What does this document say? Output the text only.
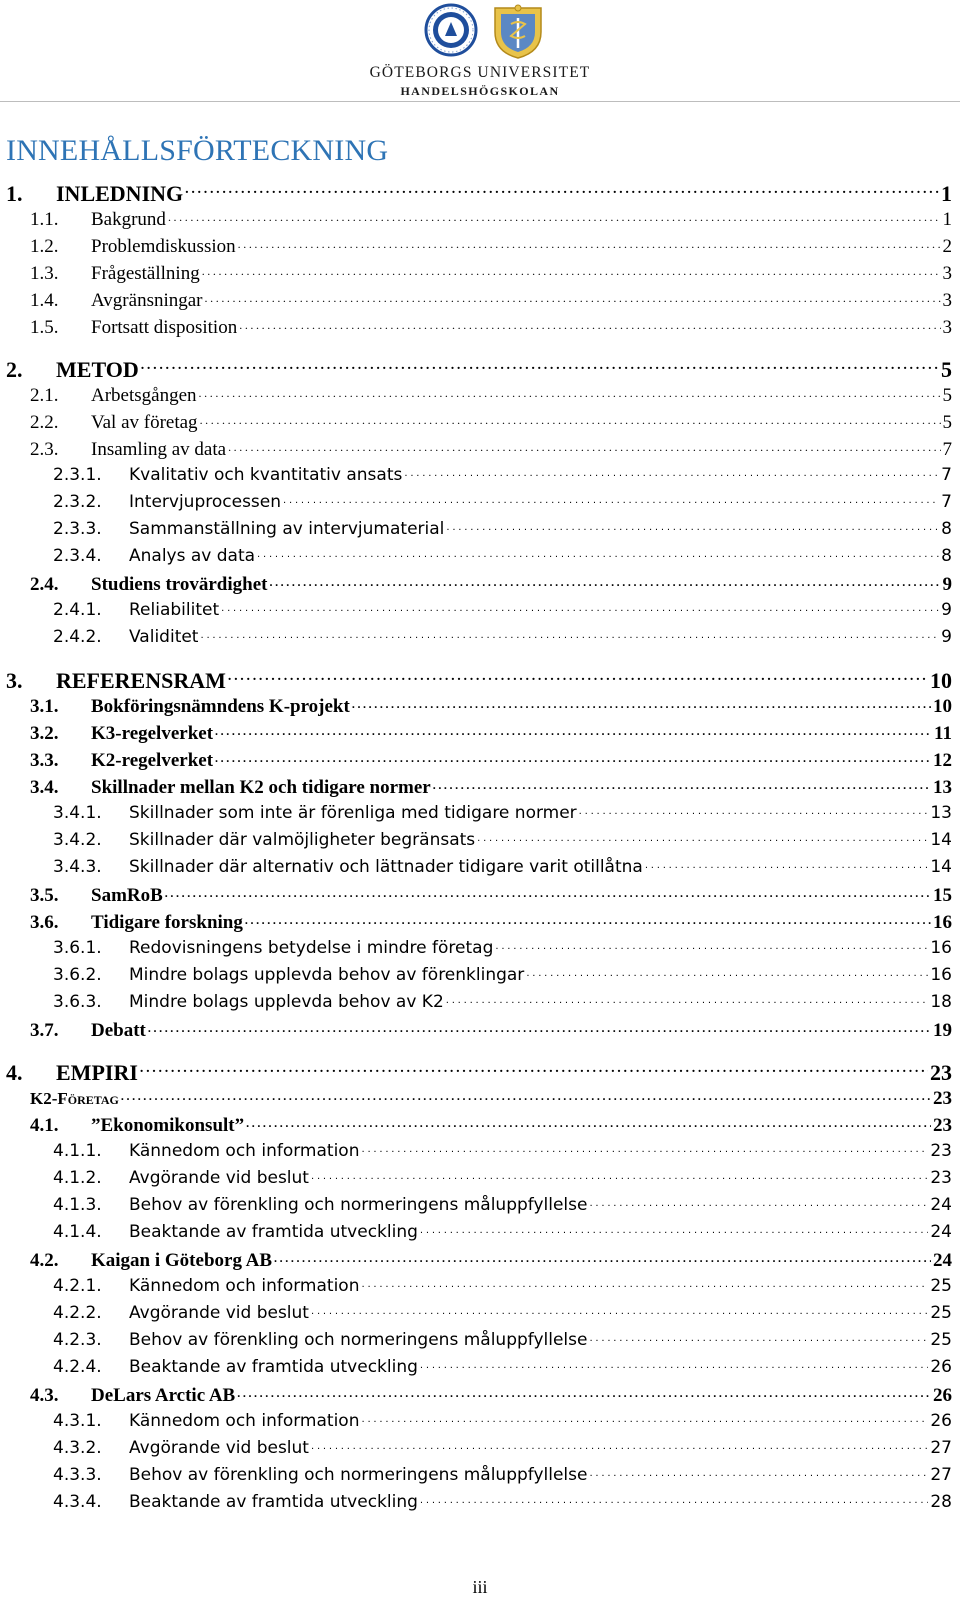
GÖTEBORGS UNIVERSITET
HANDELSHÖGSKOLAN
INNEHÅLLSFÖRTECKNING
1.	INLEDNING . . .	1
1.1.	Bakgrund . . .	1
1.2.	Problemdiskussion . . .	2
1.3.	Frågeställning . . .	3
1.4.	Avgränsningar . . .	3
1.5.	Fortsatt disposition . . .	3
2.	METOD . . .	5
2.1.	Arbetsgången . . .	5
2.2.	Val av företag . . .	5
2.3.	Insamling av data . . .	7
2.3.1.	Kvalitativ och kvantitativ ansats . . .	7
2.3.2.	Intervjuprocessen . . .	7
2.3.3.	Sammanställning av intervjumaterial . . .	8
2.3.4.	Analys av data . . .	8
2.4.	Studiens trovärdighet . . .	9
2.4.1.	Reliabilitet . . .	9
2.4.2.	Validitet . . .	9
3.	REFERENSRAM . . .	10
3.1.	Bokföringsnämndens K-projekt . . .	10
3.2.	K3-regelverket . . .	11
3.3.	K2-regelverket . . .	12
3.4.	Skillnader mellan K2 och tidigare normer . . .	13
3.4.1.	Skillnader som inte är förenliga med tidigare normer . . .	13
3.4.2.	Skillnader där valmöjligheter begränsats . . .	14
3.4.3.	Skillnader där alternativ och lättnader tidigare varit otillåtna . . .	14
3.5.	SamRoB . . .	15
3.6.	Tidigare forskning . . .	16
3.6.1.	Redovisningens betydelse i mindre företag . . .	16
3.6.2.	Mindre bolags upplevda behov av förenklingar . . .	16
3.6.3.	Mindre bolags upplevda behov av K2 . . .	18
3.7.	Debatt . . .	19
4.	EMPIRI . . .	23
K2-Företag . . .	23
4.1.	”Ekonomikonsult” . . .	23
4.1.1.	Kännedom och information . . .	23
4.1.2.	Avgörande vid beslut . . .	23
4.1.3.	Behov av förenkling och normeringens måluppfyllelse . . .	24
4.1.4.	Beaktande av framtida utveckling . . .	24
4.2.	Kaigan i Göteborg AB . . .	24
4.2.1.	Kännedom och information . . .	25
4.2.2.	Avgörande vid beslut . . .	25
4.2.3.	Behov av förenkling och normeringens måluppfyllelse . . .	25
4.2.4.	Beaktande av framtida utveckling . . .	26
4.3.	DeLars Arctic AB . . .	26
4.3.1.	Kännedom och information . . .	26
4.3.2.	Avgörande vid beslut . . .	27
4.3.3.	Behov av förenkling och normeringens måluppfyllelse . . .	27
4.3.4.	Beaktande av framtida utveckling . . .	28
iii
